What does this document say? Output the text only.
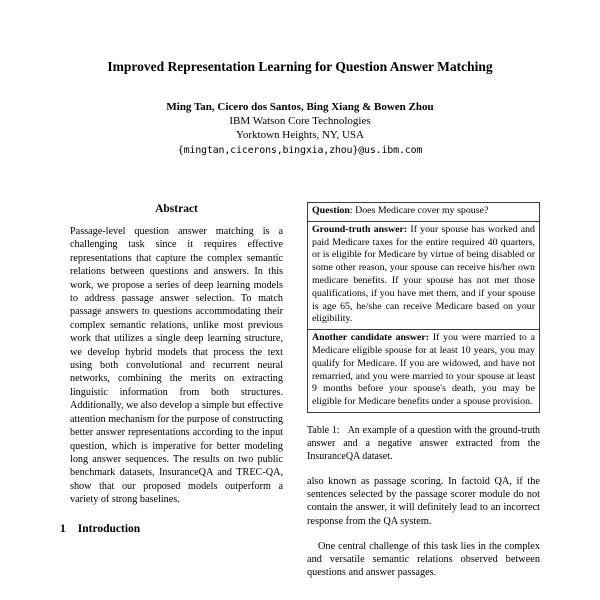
Improved Representation Learning for Question Answer Matching
Ming Tan, Cicero dos Santos, Bing Xiang & Bowen Zhou
IBM Watson Core Technologies
Yorktown Heights, NY, USA
{mingtan,cicerons,bingxia,zhou}@us.ibm.com
Abstract

Passage-level question answer matching is a challenging task since it requires effective representations that capture the complex semantic relations between questions and answers. In this work, we propose a series of deep learning models to address passage answer selection. To match passage answers to questions accommodating their complex semantic relations, unlike most previous work that utilizes a single deep learning structure, we develop hybrid models that process the text using both convolutional and recurrent neural networks, combining the merits on extracting linguistic information from both structures. Additionally, we also develop a simple but effective attention mechanism for the purpose of constructing better answer representations according to the input question, which is imperative for better modeling long answer sequences. The results on two public benchmark datasets, InsuranceQA and TREC-QA, show that our proposed models outperform a variety of strong baselines.

1 Introduction
Question: Does Medicare cover my spouse?
Ground-truth answer: If your spouse has worked and paid Medicare taxes for the entire required 40 quarters, or is eligible for Medicare by virtue of being disabled or some other reason, your spouse can receive his/her own medicare benefits. If your spouse has not met those qualifications, if you have met them, and if your spouse is age 65, he/she can receive Medicare based on your eligibility.
Another candidate answer: If you were married to a Medicare eligible spouse for at least 10 years, you may qualify for Medicare. If you are widowed, and have not remarried, and you were married to your spouse at least 9 months before your spouse's death, you may be eligible for Medicare benefits under a spouse provision.

Table 1: An example of a question with the ground-truth answer and a negative answer extracted from the InsuranceQA dataset.

also known as passage scoring. In factoid QA, if the sentences selected by the passage scorer module do not contain the answer, it will definitely lead to an incorrect response from the QA system.

One central challenge of this task lies in the complex and versatile semantic relations observed between questions and answer passages.
